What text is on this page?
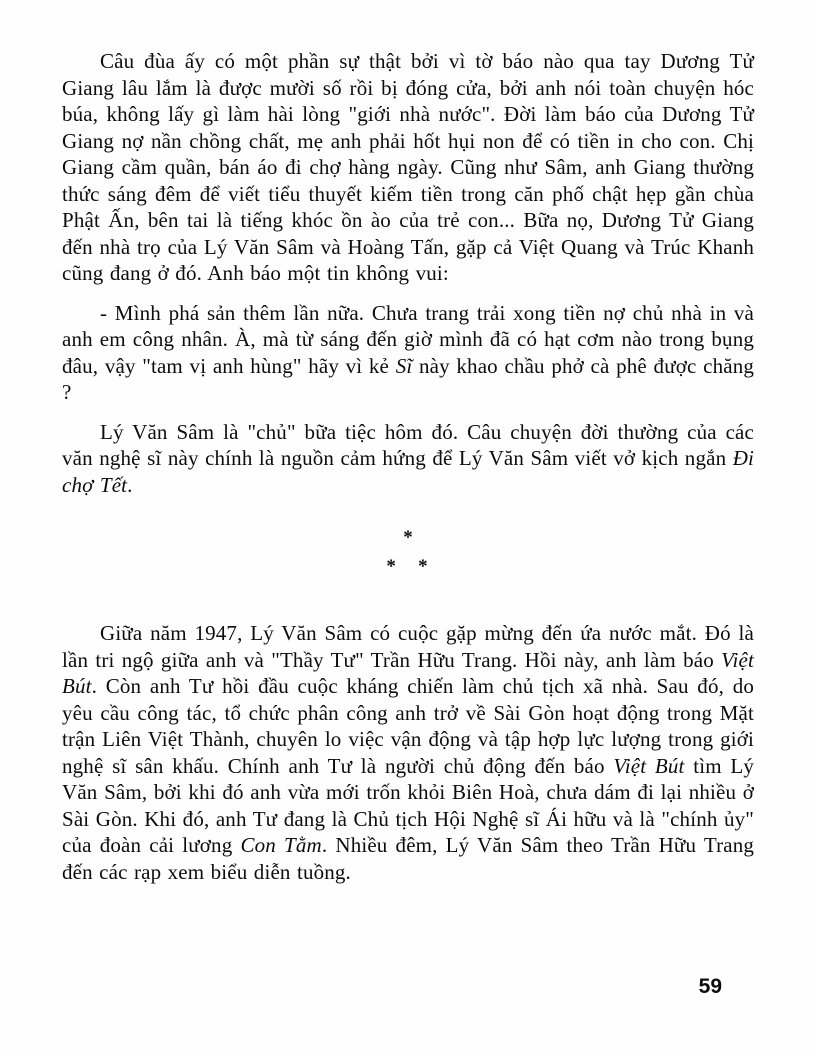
Câu đùa ấy có một phần sự thật bởi vì tờ báo nào qua tay Dương Tử Giang lâu lắm là được mười số rồi bị đóng cửa, bởi anh nói toàn chuyện hóc búa, không lấy gì làm hài lòng "giới nhà nước". Đời làm báo của Dương Tử Giang nợ nần chồng chất, mẹ anh phải hốt hụi non để có tiền in cho con. Chị Giang cầm quần, bán áo đi chợ hàng ngày. Cũng như Sâm, anh Giang thường thức sáng đêm để viết tiểu thuyết kiếm tiền trong căn phố chật hẹp gần chùa Phật Ấn, bên tai là tiếng khóc ồn ào của trẻ con... Bữa nọ, Dương Tử Giang đến nhà trọ của Lý Văn Sâm và Hoàng Tấn, gặp cả Việt Quang và Trúc Khanh cũng đang ở đó. Anh báo một tin không vui:

- Mình phá sản thêm lần nữa. Chưa trang trải xong tiền nợ chủ nhà in và anh em công nhân. À, mà từ sáng đến giờ mình đã có hạt cơm nào trong bụng đâu, vậy "tam vị anh hùng" hãy vì kẻ Sĩ này khao chầu phở cà phê được chăng ?

Lý Văn Sâm là "chủ" bữa tiệc hôm đó. Câu chuyện đời thường của các văn nghệ sĩ này chính là nguồn cảm hứng để Lý Văn Sâm viết vở kịch ngắn Đi chợ Tết.

*
*   *

Giữa năm 1947, Lý Văn Sâm có cuộc gặp mừng đến ứa nước mắt. Đó là lần tri ngộ giữa anh và "Thầy Tư" Trần Hữu Trang. Hồi này, anh làm báo Việt Bút. Còn anh Tư hồi đầu cuộc kháng chiến làm chủ tịch xã nhà. Sau đó, do yêu cầu công tác, tổ chức phân công anh trở về Sài Gòn hoạt động trong Mặt trận Liên Việt Thành, chuyên lo việc vận động và tập hợp lực lượng trong giới nghệ sĩ sân khấu. Chính anh Tư là người chủ động đến báo Việt Bút tìm Lý Văn Sâm, bởi khi đó anh vừa mới trốn khỏi Biên Hoà, chưa dám đi lại nhiều ở Sài Gòn. Khi đó, anh Tư đang là Chủ tịch Hội Nghệ sĩ Ái hữu và là "chính ủy" của đoàn cải lương Con Tằm. Nhiều đêm, Lý Văn Sâm theo Trần Hữu Trang đến các rạp xem biểu diễn tuồng.

59
